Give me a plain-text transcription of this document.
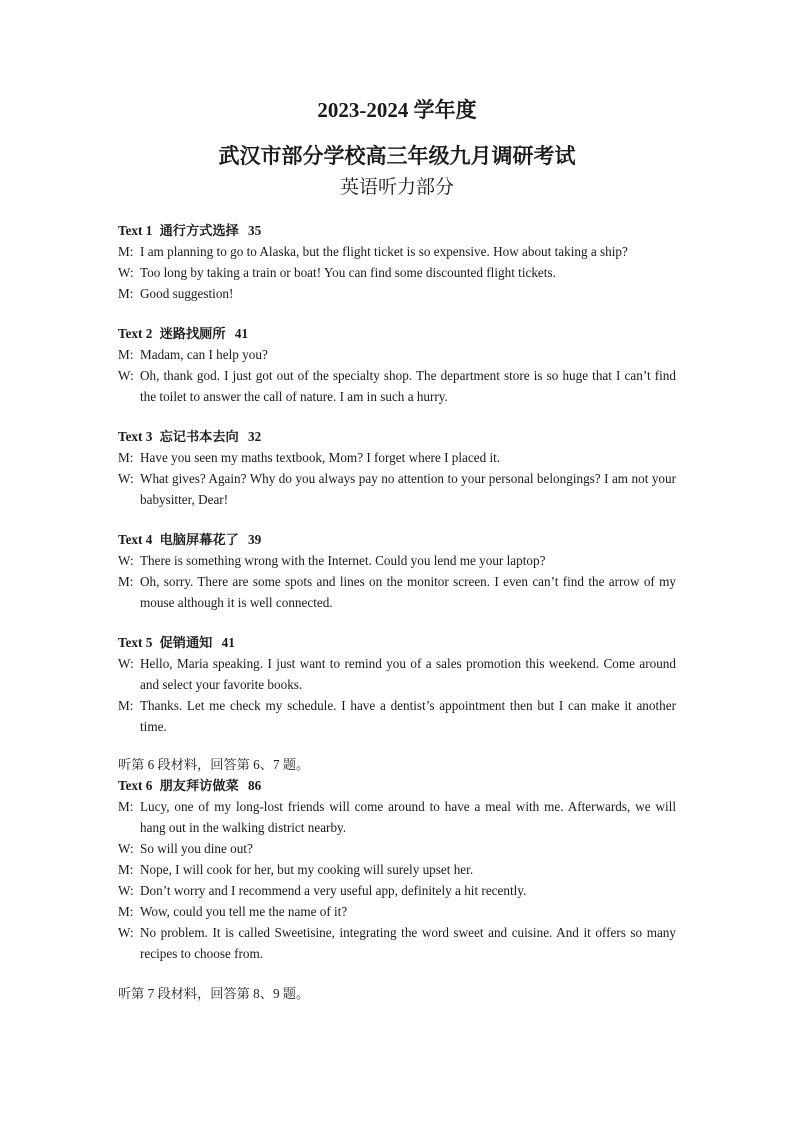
2023-2024 学年度
武汉市部分学校高三年级九月调研考试
英语听力部分
Text 1 通行方式选择 35
M: I am planning to go to Alaska, but the flight ticket is so expensive. How about taking a ship?
W: Too long by taking a train or boat! You can find some discounted flight tickets.
M: Good suggestion!
Text 2 迷路找厕所 41
M: Madam, can I help you?
W: Oh, thank god. I just got out of the specialty shop. The department store is so huge that I can’t find the toilet to answer the call of nature. I am in such a hurry.
Text 3 忘记书本去向 32
M: Have you seen my maths textbook, Mom? I forget where I placed it.
W: What gives? Again? Why do you always pay no attention to your personal belongings? I am not your babysitter, Dear!
Text 4 电脑屏幕花了 39
W: There is something wrong with the Internet. Could you lend me your laptop?
M: Oh, sorry. There are some spots and lines on the monitor screen. I even can’t find the arrow of my mouse although it is well connected.
Text 5 促销通知 41
W: Hello, Maria speaking. I just want to remind you of a sales promotion this weekend. Come around and select your favorite books.
M: Thanks. Let me check my schedule. I have a dentist’s appointment then but I can make it another time.
听第 6 段材料，回答第 6、7 题。
Text 6 朋友拜访做菜 86
M: Lucy, one of my long-lost friends will come around to have a meal with me. Afterwards, we will hang out in the walking district nearby.
W: So will you dine out?
M: Nope, I will cook for her, but my cooking will surely upset her.
W: Don’t worry and I recommend a very useful app, definitely a hit recently.
M: Wow, could you tell me the name of it?
W: No problem. It is called Sweetisine, integrating the word sweet and cuisine. And it offers so many recipes to choose from.
听第 7 段材料，回答第 8、9 题。
